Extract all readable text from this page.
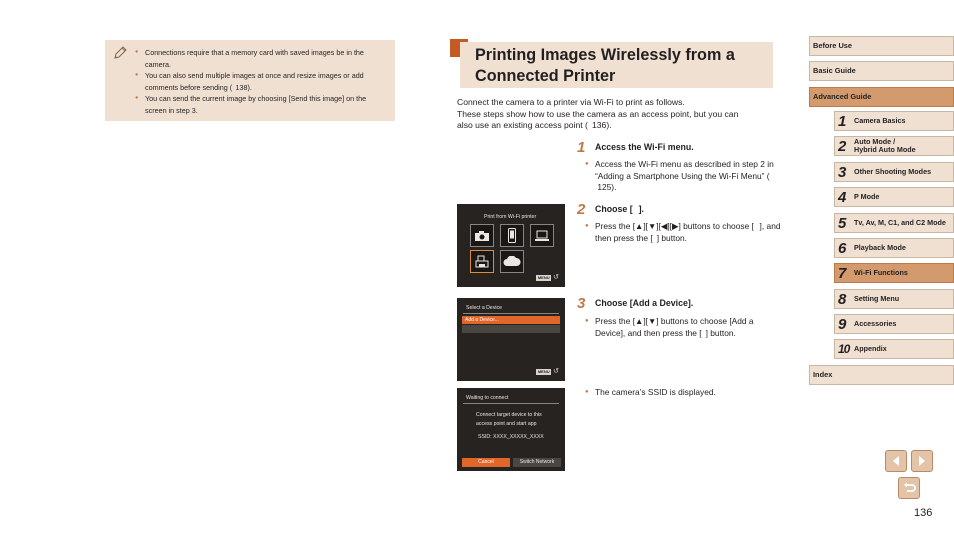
● Connections require that a memory card with saved images be in the camera.
● You can also send multiple images at once and resize images or add comments before sending (  138).
● You can send the current image by choosing [Send this image] on the screen in step 3.
Printing Images Wirelessly from a
Connected Printer

Connect the camera to a printer via Wi-Fi to print as follows.

These steps show how to use the camera as an access point, but you can

also use an existing access point (  136).

1 Access the Wi-Fi menu.
● Access the Wi-Fi menu as described in step 2 in “Adding a Smartphone Using the Wi-Fi Menu” (  125).
2 Choose [   ].
● Press the [▲][▼][◀][▶] buttons to choose [   ], and then press the [  ] button.
3 Choose [Add a Device].
● Press the [▲][▼] buttons to choose [Add a Device], and then press the [  ] button.
● The camera’s SSID is displayed.
Print from Wi-Fi printer
MENU ↺
Select a Device
Add a Device...
MENU ↺
Waiting to connect
Connect target device to this
access point and start app
SSID: XXXX_XXXXX_XXXX
Cancel	Switch Network
Before Use
Basic Guide
Advanced Guide
1 Camera Basics
2 Auto Mode /
Hybrid Auto Mode
3 Other Shooting Modes
4 P Mode
5 Tv, Av, M, C1, and C2 Mode
6 Playback Mode
7 Wi-Fi Functions
8 Setting Menu
9 Accessories
10 Appendix
Index
136
